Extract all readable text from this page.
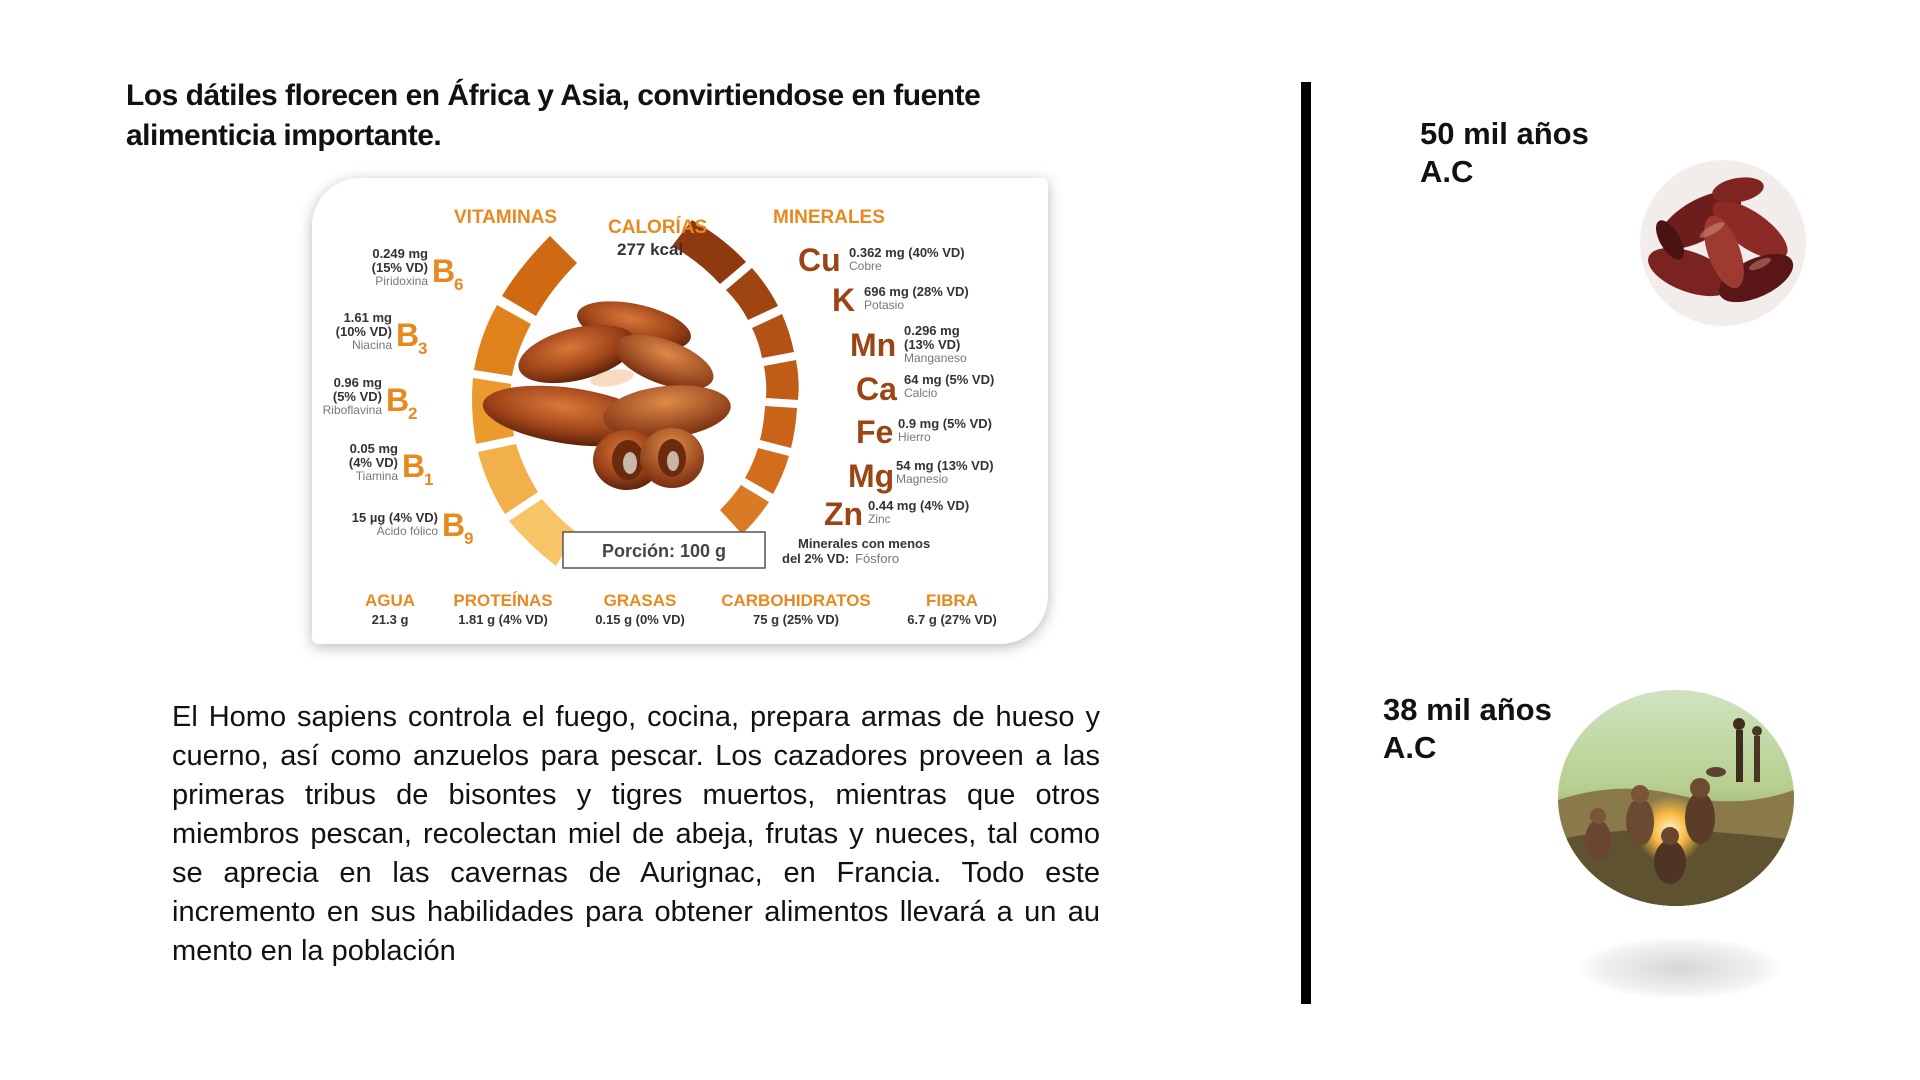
Los dátiles florecen en África y Asia, convirtiendose en fuente
alimenticia importante.
VITAMINAS	CALORÍAS
277 kcal
MINERALES
0.249 mg
(15% VD)
Piridoxina B
6
1.61 mg
(10% VD)
Niacina B
3
0.96 mg
(5% VD)
Riboflavina B
2
0.05 mg
(4% VD)
Tiamina B
1
15 µg (4% VD)
Ácido fólico B
9
Cu 0.362 mg (40% VD)
Cobre
K 696 mg (28% VD)
Potasio
Mn 0.296 mg
(13% VD)
Manganeso
Ca 64 mg (5% VD)
Calcio
Fe 0.9 mg (5% VD)
Hierro
Mg 54 mg (13% VD)
Magnesio
Zn 0.44 mg (4% VD)
Zinc
Porción: 100 g	Minerales con menos
del 2% VD: Fósforo
AGUA
21.3 g
PROTEÍNAS
1.81 g (4% VD)
GRASAS
0.15 g (0% VD)
CARBOHIDRATOS
75 g (25% VD)
FIBRA
6.7 g (27% VD)
El Homo sapiens controla el fuego, cocina, prepara armas de hueso y cuerno, así como anzuelos para pescar. Los cazadores proveen a las primeras tribus de bisontes y tigres muertos, mientras que otros miembros pescan, recolectan miel de abeja, frutas y nueces, tal como se aprecia en las cavernas de Aurignac, en Francia. Todo este incremento en sus habilidades para obtener alimentos llevará a un au mento en la población
50 mil años
A.C
38 mil años
A.C
